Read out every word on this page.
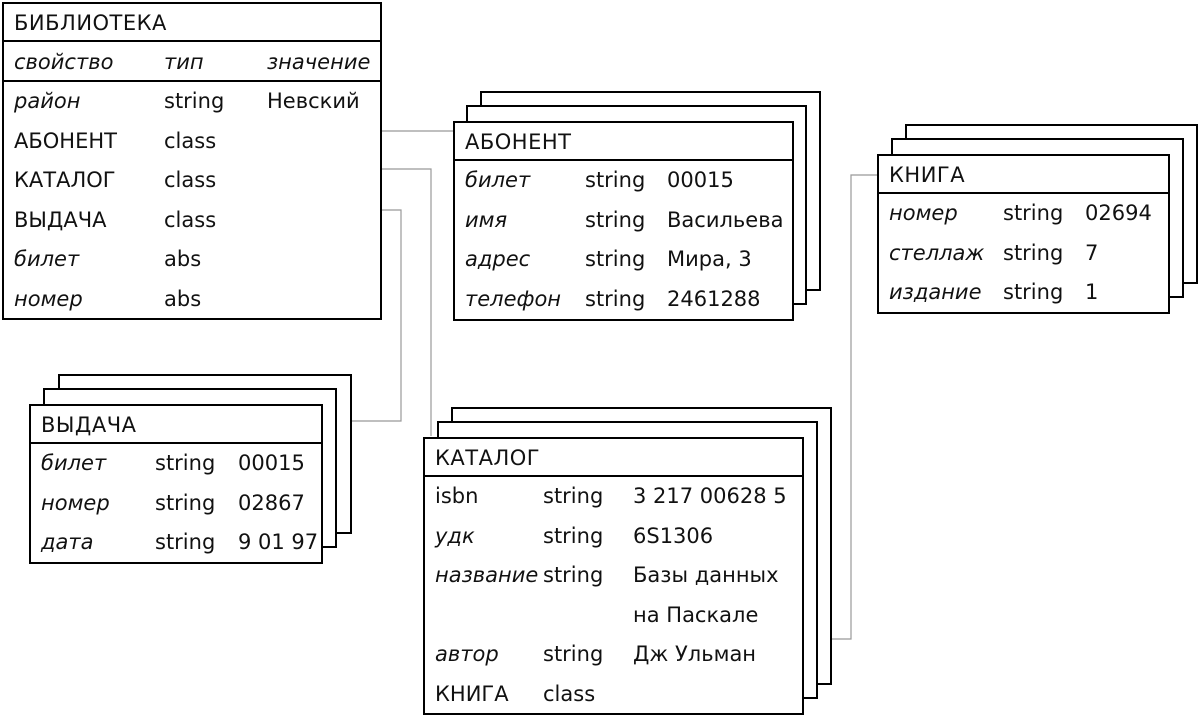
БИБЛИОТЕКА
свойство тип	значение
район	string Невский
АБОНЕНТ class
КАТАЛОГ class
ВЫДАЧА	class
билет	abs
номер	abs
АБОНЕНТ
билет	string 00015
имя	string Васильева
адрес	string Мира, 3
телефон string 2461288
КНИГА
номер string 02694
стеллаж string 7
издание string 1
ВЫДАЧА
билет string 00015
номер string 02867
дата	string 9 01 97
КАТАЛОГ
isbn	string 3 217 00628 5
удк	string 6S1306
название string Базы данных
на Паскале
автор string Дж Ульман
КНИГА class
